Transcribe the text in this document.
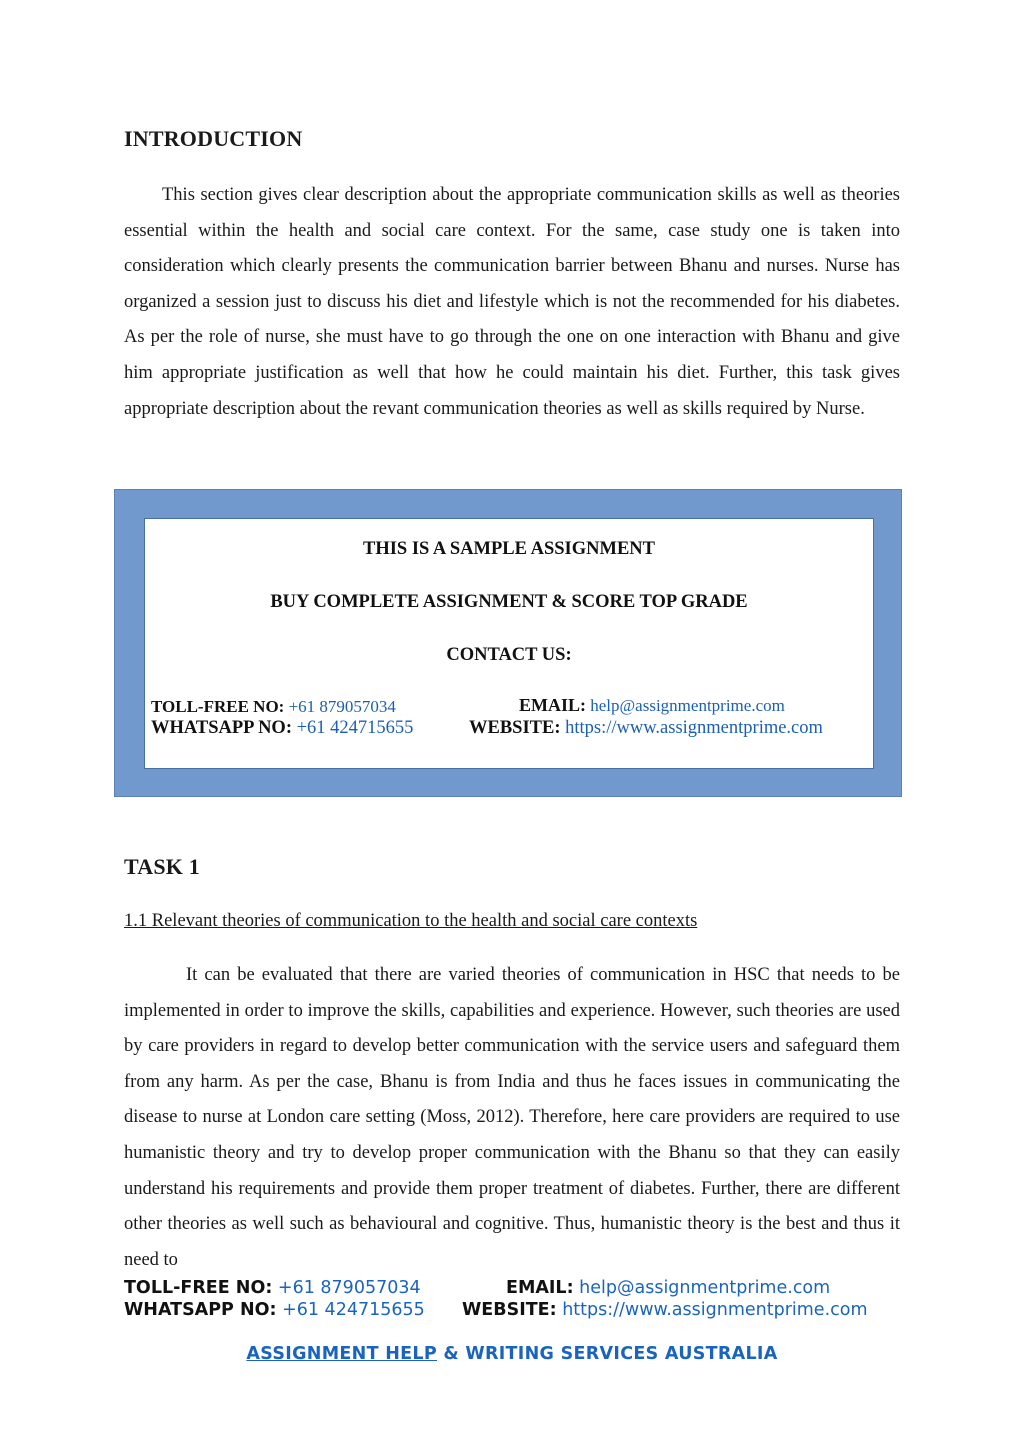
INTRODUCTION

This section gives clear description about the appropriate communication skills as well as theories essential within the health and social care context. For the same, case study one is taken into consideration which clearly presents the communication barrier between Bhanu and nurses. Nurse has organized a session just to discuss his diet and lifestyle which is not the recommended for his diabetes. As per the role of nurse, she must have to go through the one on one interaction with Bhanu and give him appropriate justification as well that how he could maintain his diet. Further, this task gives appropriate description about the revant communication theories as well as skills required by Nurse.

THIS IS A SAMPLE ASSIGNMENT
BUY COMPLETE ASSIGNMENT & SCORE TOP GRADE
CONTACT US:
TOLL-FREE NO: +61 879057034	EMAIL: help@assignmentprime.com
WHATSAPP NO: +61 424715655	WEBSITE: https://www.assignmentprime.com
TASK 1

1.1 Relevant theories of communication to the health and social care contexts

It can be evaluated that there are varied theories of communication in HSC that needs to be implemented in order to improve the skills, capabilities and experience. However, such theories are used by care providers in regard to develop better communication with the service users and safeguard them from any harm. As per the case, Bhanu is from India and thus he faces issues in communicating the disease to nurse at London care setting (Moss, 2012). Therefore, here care providers are required to use humanistic theory and try to develop proper communication with the Bhanu so that they can easily understand his requirements and provide them proper treatment of diabetes. Further, there are different other theories as well such as behavioural and cognitive. Thus, humanistic theory is the best and thus it need to

TOLL-FREE NO: +61 879057034	EMAIL: help@assignmentprime.com
WHATSAPP NO: +61 424715655 WEBSITE: https://www.assignmentprime.com
ASSIGNMENT HELP & WRITING SERVICES AUSTRALIA
